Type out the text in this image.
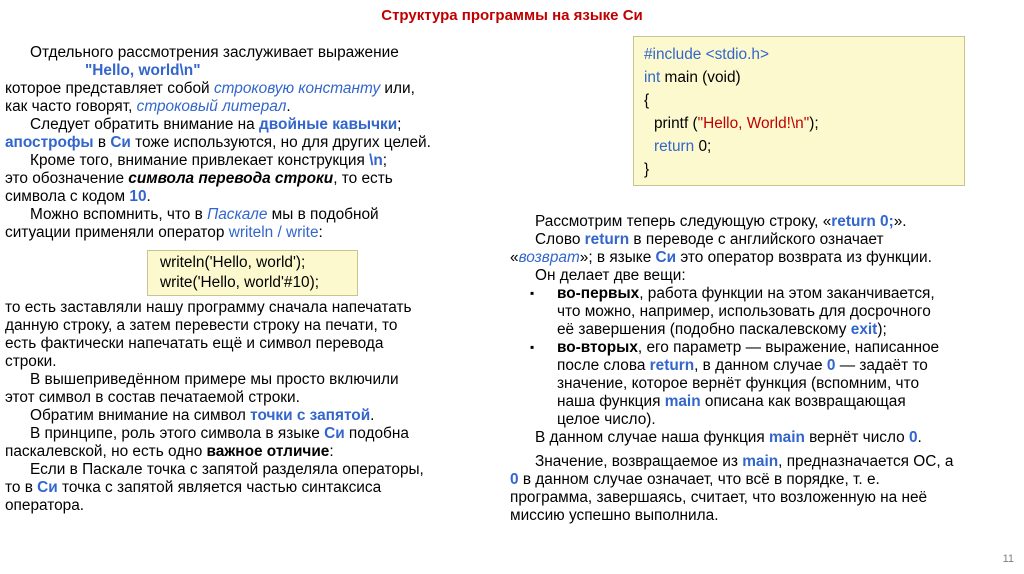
Структура программы на языке Си

Отдельного рассмотрения заслуживает выражение

"Hello, world\n"

которое представляет собой строковую константу или,

как часто говорят, строковый литерал.

Следует обратить внимание на двойные кавычки;

апострофы в Си тоже используются, но для других целей.

Кроме того, внимание привлекает конструкция \n;

это обозначение символа перевода строки, то есть

символа с кодом 10.

Можно вспомнить, что в Паскале мы в подобной

ситуации применяли оператор writeln / write:

writeln('Hello, world');
write('Hello, world'#10);

то есть заставляли нашу программу сначала напечатать

данную строку, а затем перевести строку на печати, то

есть фактически напечатать ещё и символ перевода

строки.

В вышеприведённом примере мы просто включили

этот символ в состав печатаемой строки.

Обратим внимание на символ точки с запятой.

В принципе, роль этого символа в языке Си подобна

паскалевской, но есть одно важное отличие:

Если в Паскале точка с запятой разделяла операторы,

то в Си точка с запятой является частью синтаксиса

оператора.

#include <stdio.h>
int main (void)
{
printf ("Hello, World!\n");
return 0;
}

Рассмотрим теперь следующую строку, «return 0;».

Слово return в переводе с английского означает

«возврат»; в языке Си это оператор возврата из функции.

Он делает две вещи:

▪ во-первых, работа функции на этом заканчивается,

что можно, например, использовать для досрочного

её завершения (подобно паскалевскому exit);

▪ во-вторых, его параметр — выражение, написанное

после слова return, в данном случае 0 — задаёт то

значение, которое вернёт функция (вспомним, что

наша функция main описана как возвращающая

целое число).

В данном случае наша функция main вернёт число 0.

Значение, возвращаемое из main, предназначается ОС, а

0 в данном случае означает, что всё в порядке, т. е.

программа, завершаясь, считает, что возложенную на неё

миссию успешно выполнила.

11
